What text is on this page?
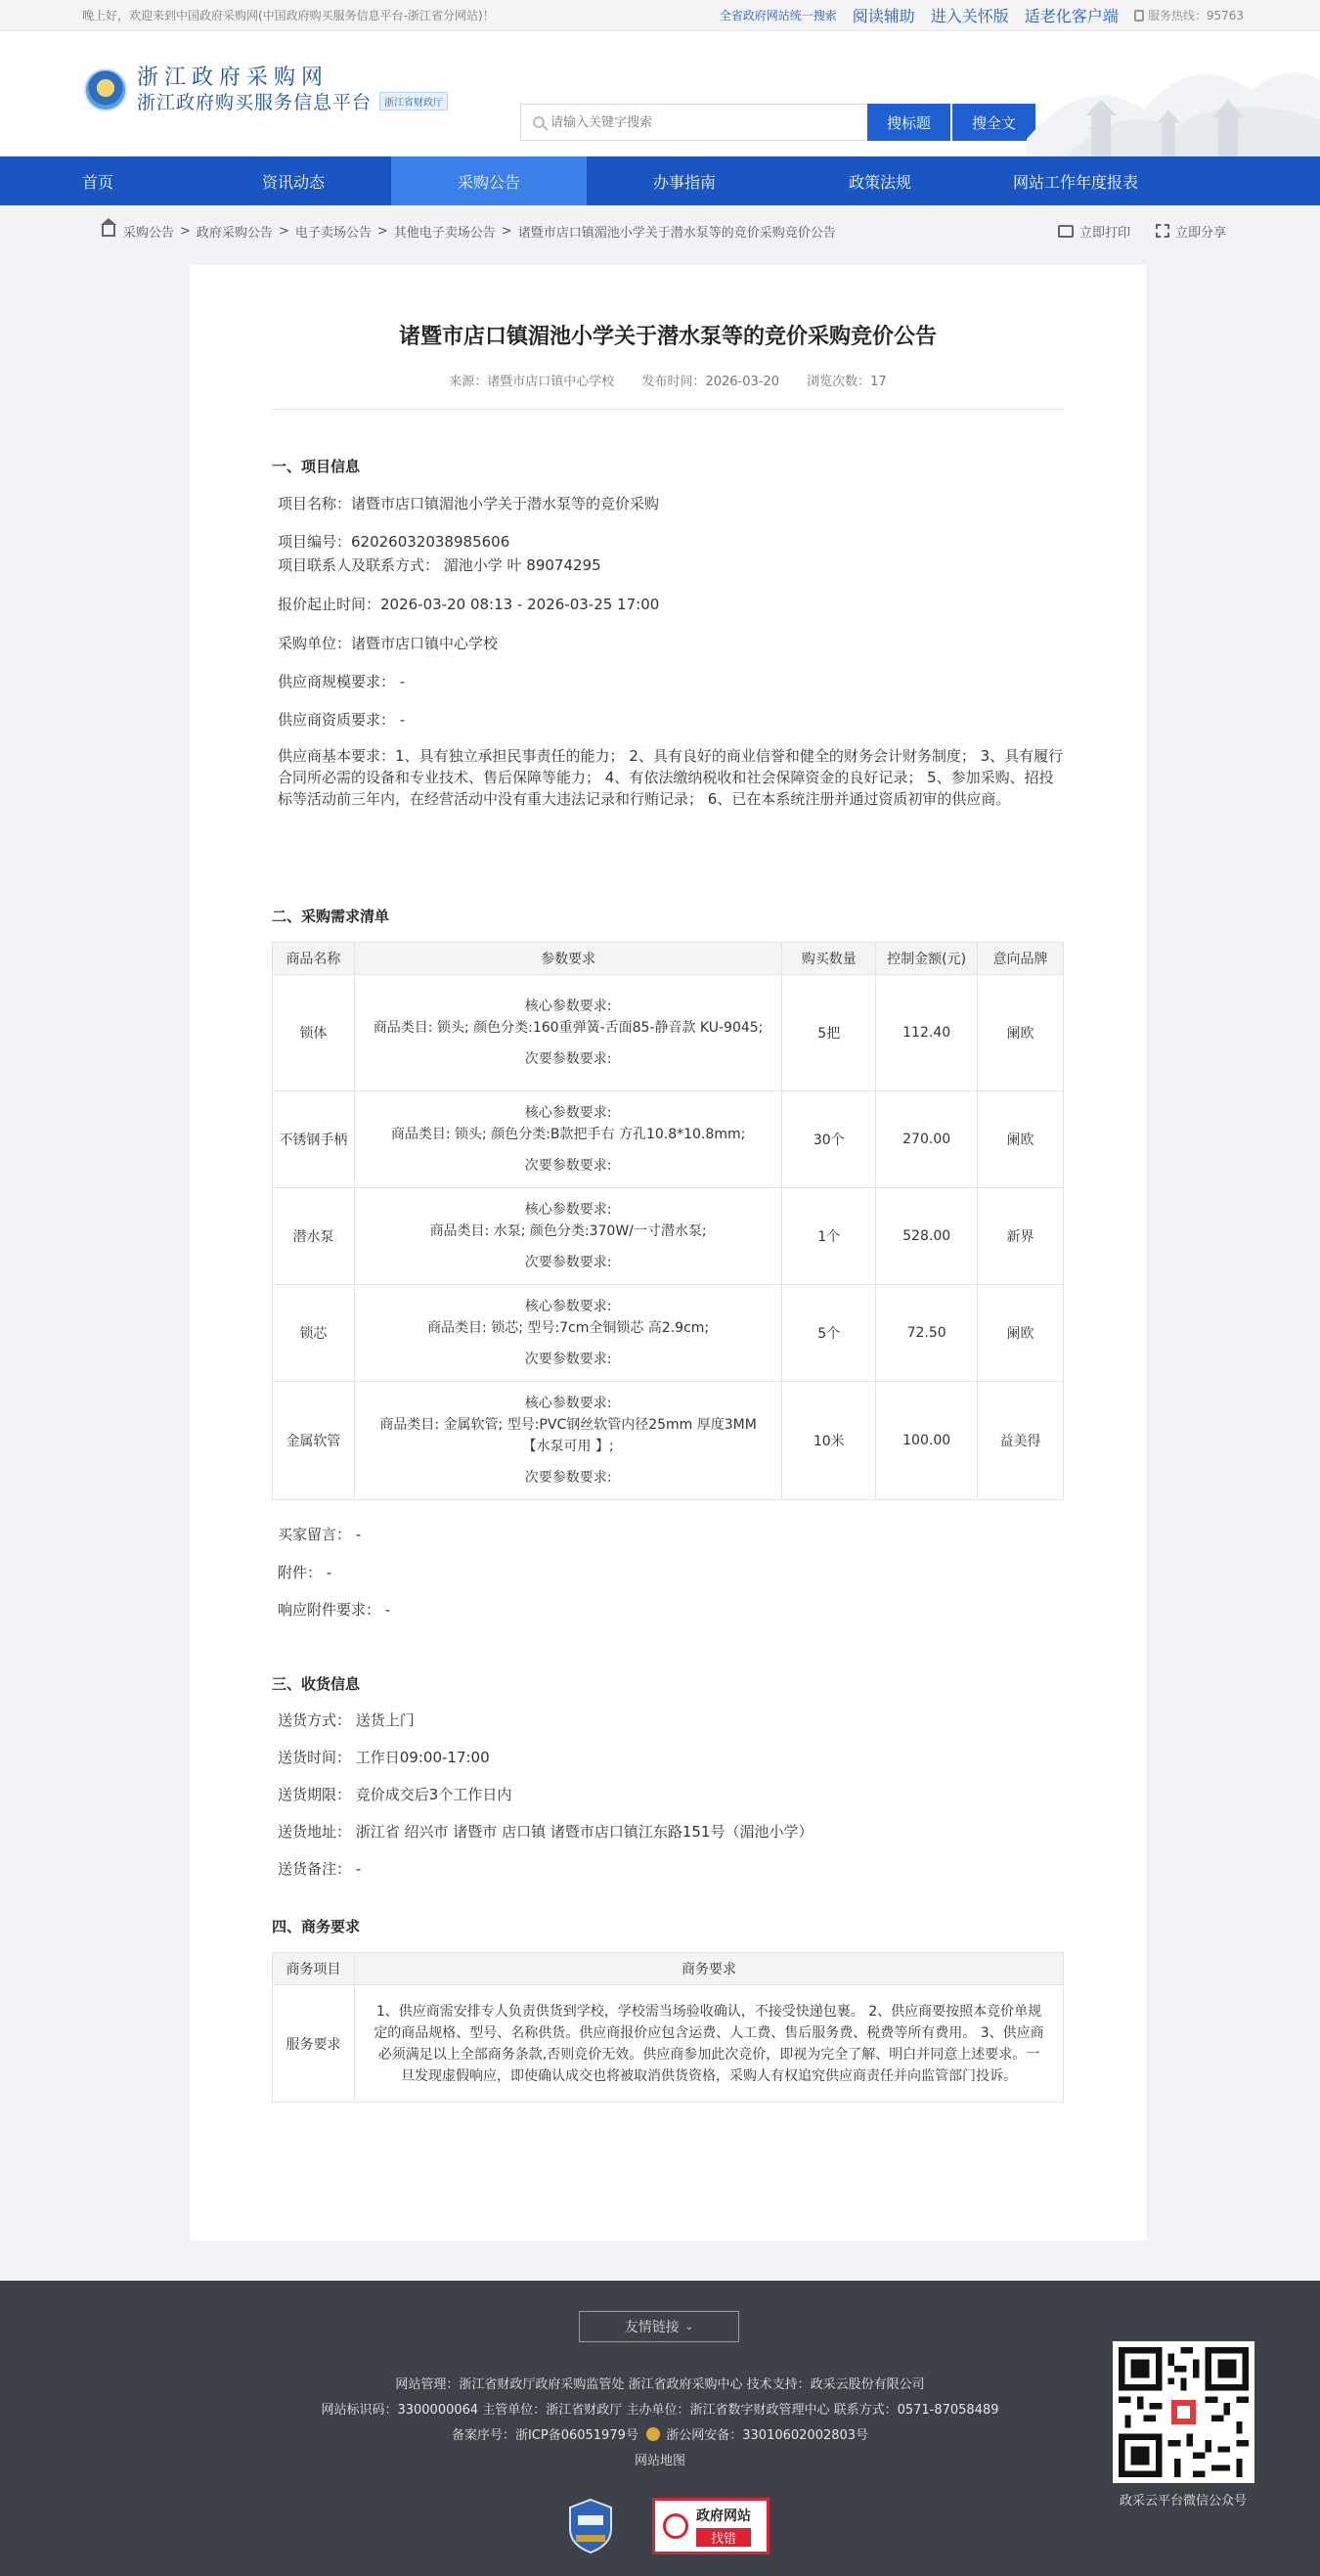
晚上好，欢迎来到中国政府采购网(中国政府购买服务信息平台-浙江省分网站)！	全省政府网站统一搜索 阅读辅助 进入关怀版 适老化客户端	服务热线：95763
浙江政府采购网
浙江政府购买服务信息平台	浙江省财政厅
请输入关键字搜索
搜标题	搜全文
首页	资讯动态	采购公告	办事指南	政策法规	网站工作年度报表
采购公告 > 政府采购公告 > 电子卖场公告 > 其他电子卖场公告 > 诸暨市店口镇湄池小学关于潜水泵等的竞价采购竞价公告	立即打印	立即分享
诸暨市店口镇湄池小学关于潜水泵等的竞价采购竞价公告
来源：诸暨市店口镇中心学校 发布时间：2026-03-20 浏览次数：17
一、项目信息
项目名称：诸暨市店口镇湄池小学关于潜水泵等的竞价采购
项目编号：62026032038985606
项目联系人及联系方式： 湄池小学 叶 89074295
报价起止时间：2026-03-20 08:13 - 2026-03-25 17:00
采购单位：诸暨市店口镇中心学校
供应商规模要求： -
供应商资质要求： -
供应商基本要求：1、具有独立承担民事责任的能力； 2、具有良好的商业信誉和健全的财务会计财务制度； 3、具有履行合同所必需的设备和专业技术、售后保障等能力； 4、有依法缴纳税收和社会保障资金的良好记录； 5、参加采购、招投标等活动前三年内，在经营活动中没有重大违法记录和行贿记录； 6、已在本系统注册并通过资质初审的供应商。
二、采购需求清单
商品名称	参数要求	购买数量	控制金额(元)	意向品牌
锁体	核心参数要求:
商品类目: 锁头; 颜色分类:160重弹簧-舌面85-静音款 KU-9045;
次要参数要求:	5把	112.40	阑欧
不锈钢手柄	核心参数要求:
商品类目: 锁头; 颜色分类:B款把手右 方孔10.8*10.8mm;
次要参数要求:	30个	270.00	阑欧
潜水泵	核心参数要求:
商品类目: 水泵; 颜色分类:370W/一寸潜水泵;
次要参数要求:	1个	528.00	新界
锁芯	核心参数要求:
商品类目: 锁芯; 型号:7cm全铜锁芯 高2.9cm;
次要参数要求:	5个	72.50	阑欧
金属软管	核心参数要求:
商品类目: 金属软管; 型号:PVC钢丝软管内径25mm 厚度3MM 【水泵可用 】;
次要参数要求:	10米	100.00	益美得
买家留言： -
附件： -
响应附件要求： -
三、收货信息
送货方式： 送货上门
送货时间： 工作日09:00-17:00
送货期限： 竞价成交后3个工作日内
送货地址： 浙江省 绍兴市 诸暨市 店口镇 诸暨市店口镇江东路151号（湄池小学）
送货备注： -
四、商务要求
商务项目	商务要求
服务要求	1、供应商需安排专人负责供货到学校，学校需当场验收确认，不接受快递包裹。 2、供应商要按照本竞价单规定的商品规格、型号、名称供货。供应商报价应包含运费、人工费、售后服务费、税费等所有费用。 3、供应商必须满足以上全部商务条款,否则竞价无效。供应商参加此次竞价，即视为完全了解、明白并同意上述要求。一旦发现虚假响应，即使确认成交也将被取消供货资格，采购人有权追究供应商责任并向监管部门投诉。
友情链接 ⌄
网站管理：浙江省财政厅政府采购监管处 浙江省政府采购中心 技术支持：政采云股份有限公司
网站标识码：3300000064 主管单位：浙江省财政厅 主办单位：浙江省数字财政管理中心 联系方式：0571-87058489
备案序号：浙ICP备06051979号 浙公网安备：33010602002803号
网站地图
政府网站
找错
政采云平台微信公众号
